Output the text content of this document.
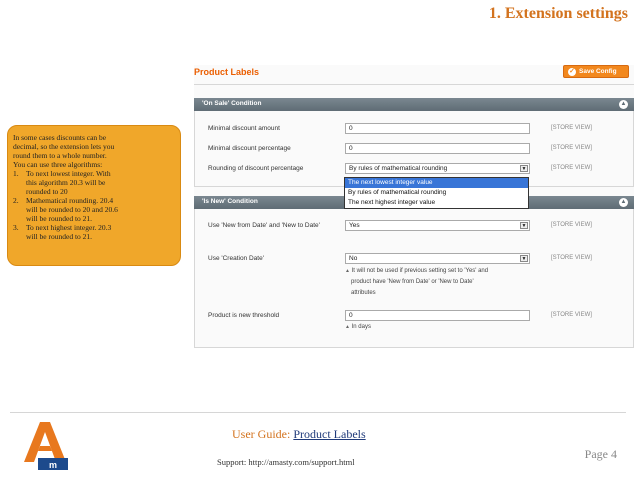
1. Extension settings
Product Labels	✓ Save Config
'On Sale' Condition	▲
Minimal discount amount	0	[STORE VIEW]
Minimal discount percentage	0	[STORE VIEW]
Rounding of discount percentage	By rules of mathematical rounding	▼	[STORE VIEW]
'Is New' Condition	▲
Use 'New from Date' and 'New to Date'	Yes	▼	[STORE VIEW]
Use 'Creation Date'	No	▼	[STORE VIEW]
▲ It will not be used if previous setting set to 'Yes' and
product have 'New from Date' or 'New to Date'
attributes
Product is new threshold	0	[STORE VIEW]
▲ In days
The next lowest integer value
By rules of mathematical rounding
The next highest integer value
In some cases discounts can be
decimal, so the extension lets you
round them to a whole number.
You can use three algorithms:
1. To next lowest integer. With
this algorithm 20.3 will be
rounded to 20
2. Mathematical rounding. 20.4
will be rounded to 20 and 20.6
will be rounded to 21.
3. To next highest integer. 20.3
will be rounded to 21.
m
User Guide: Product Labels
Support: http://amasty.com/support.html
Page 4
